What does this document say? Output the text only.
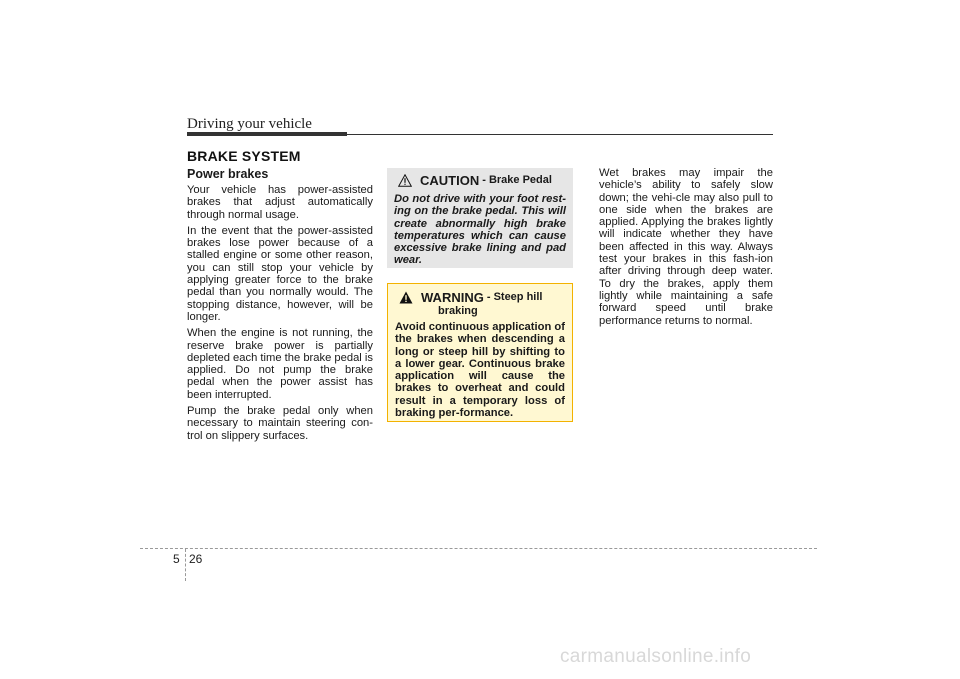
Driving your vehicle
BRAKE SYSTEM
Power brakes

Your vehicle has power-assisted brakes that adjust automatically through normal usage.

In the event that the power-assisted brakes lose power because of a stalled engine or some other reason, you can still stop your vehicle by applying greater force to the brake pedal than you normally would. The stopping distance, however, will be longer.

When the engine is not running, the reserve brake power is partially depleted each time the brake pedal is applied. Do not pump the brake pedal when the power assist has been interrupted.

Pump the brake pedal only when necessary to maintain steering con-trol on slippery surfaces.

CAUTION - Brake Pedal
Do not drive with your foot rest-ing on the brake pedal. This will create abnormally high brake temperatures which can cause excessive brake lining and pad wear.
WARNING - Steep hill
braking
Avoid continuous application of the brakes when descending a long or steep hill by shifting to a lower gear. Continuous brake application will cause the brakes to overheat and could result in a temporary loss of braking per-formance.

Wet brakes may impair the vehicle’s ability to safely slow down; the vehi-cle may also pull to one side when the brakes are applied. Applying the brakes lightly will indicate whether they have been affected in this way. Always test your brakes in this fash-ion after driving through deep water. To dry the brakes, apply them lightly while maintaining a safe forward speed until brake performance returns to normal.

5 26
carmanualsonline.info
